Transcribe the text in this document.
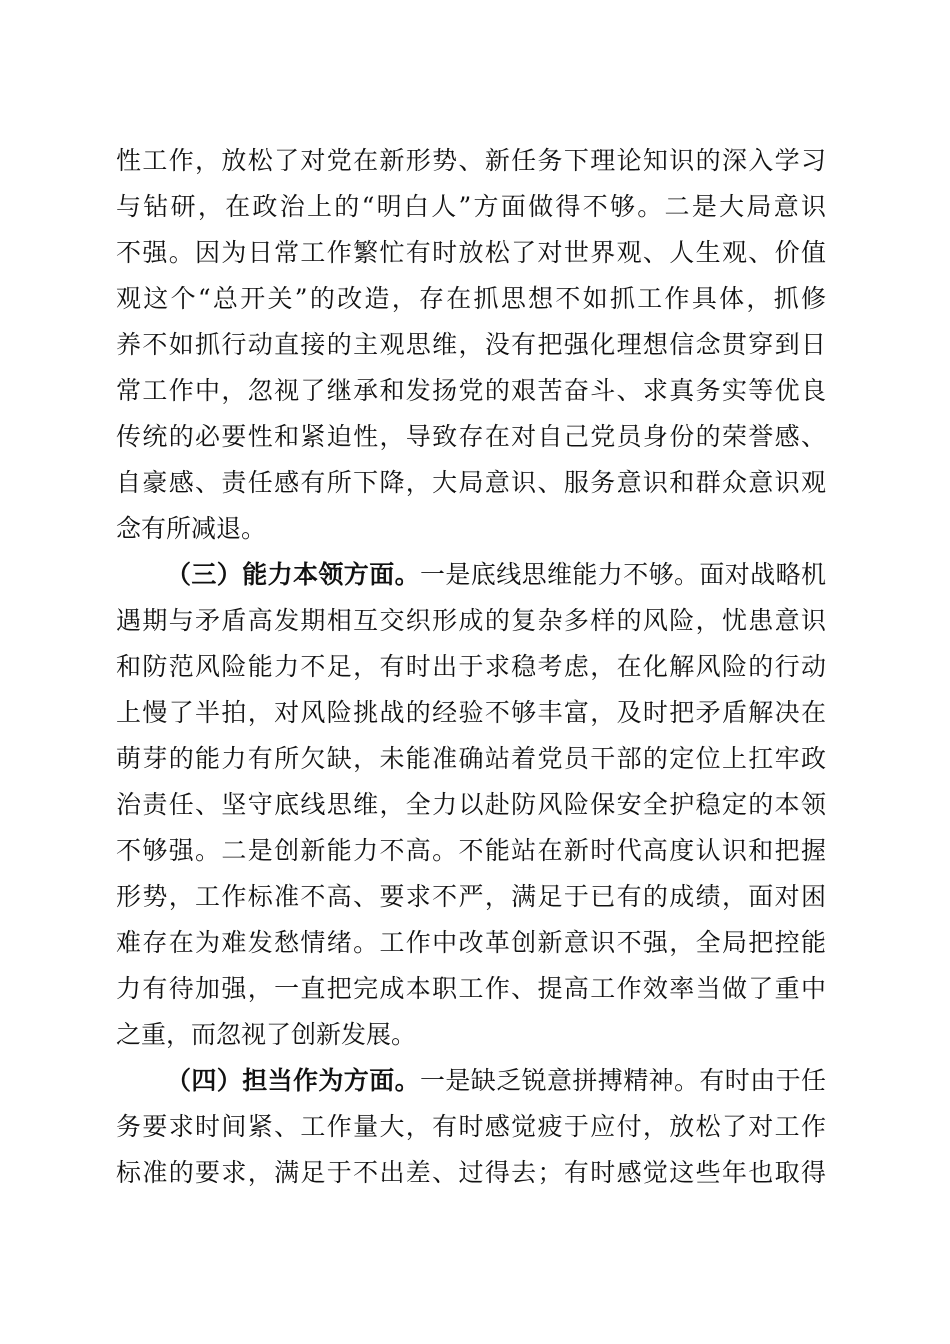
性工作，放松了对党在新形势、新任务下理论知识的深入学习
与钻研，在政治上的“明白人”方面做得不够。二是大局意识
不强。因为日常工作繁忙有时放松了对世界观、人生观、价值
观这个“总开关”的改造，存在抓思想不如抓工作具体，抓修
养不如抓行动直接的主观思维，没有把强化理想信念贯穿到日
常工作中，忽视了继承和发扬党的艰苦奋斗、求真务实等优良
传统的必要性和紧迫性，导致存在对自己党员身份的荣誉感、
自豪感、责任感有所下降，大局意识、服务意识和群众意识观
念有所减退。
（三）能力本领方面。一是底线思维能力不够。面对战略机
遇期与矛盾高发期相互交织形成的复杂多样的风险，忧患意识
和防范风险能力不足，有时出于求稳考虑，在化解风险的行动
上慢了半拍，对风险挑战的经验不够丰富，及时把矛盾解决在
萌芽的能力有所欠缺，未能准确站着党员干部的定位上扛牢政
治责任、坚守底线思维，全力以赴防风险保安全护稳定的本领
不够强。二是创新能力不高。不能站在新时代高度认识和把握
形势，工作标准不高、要求不严，满足于已有的成绩，面对困
难存在为难发愁情绪。工作中改革创新意识不强，全局把控能
力有待加强，一直把完成本职工作、提高工作效率当做了重中
之重，而忽视了创新发展。
（四）担当作为方面。一是缺乏锐意拼搏精神。有时由于任
务要求时间紧、工作量大，有时感觉疲于应付，放松了对工作
标准的要求，满足于不出差、过得去；有时感觉这些年也取得
